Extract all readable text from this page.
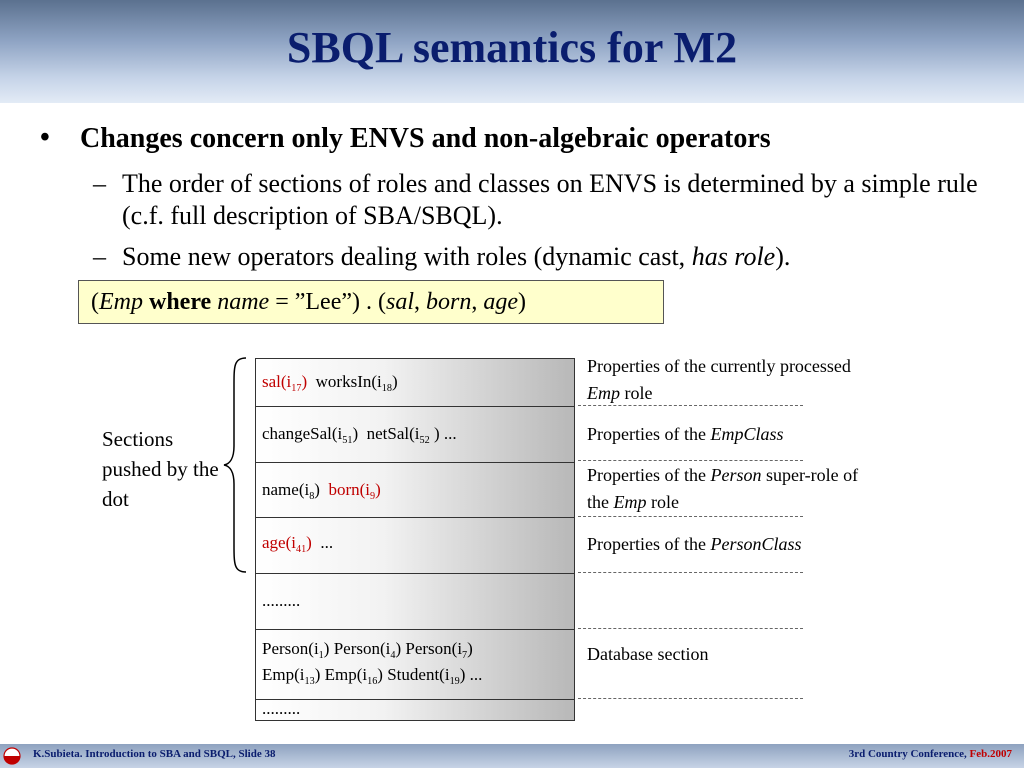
SBQL semantics for M2
• Changes concern only ENVS and non-algebraic operators
– The order of sections of roles and classes on ENVS is determined by a simple rule (c.f. full description of SBA/SBQL).
– Some new operators dealing with roles (dynamic cast, has role).
(Emp where name = ”Lee”) . (sal, born, age)
Sections pushed by the dot
$sal(i_{17})$ $worksIn(i_{18})$
$changeSal(i_{51})$ $netSal(i_{52}$ ) ...
$name(i_8)$ $born(i_9)$
$age(i_{41})$ ...
.........
$Person(i_1)$ $Person(i_4)$ $Person(i_7)$
$Emp(i_{13})$ $Emp(i_{16})$ $Student(i_{19})$ ...
.........
Properties of the currently processed
Emp role
Properties of the EmpClass
Properties of the Person super-role of
the Emp role
Properties of the PersonClass
Database section
K.Subieta. Introduction to SBA and SBQL, Slide 38	3rd Country Conference, Feb.2007
